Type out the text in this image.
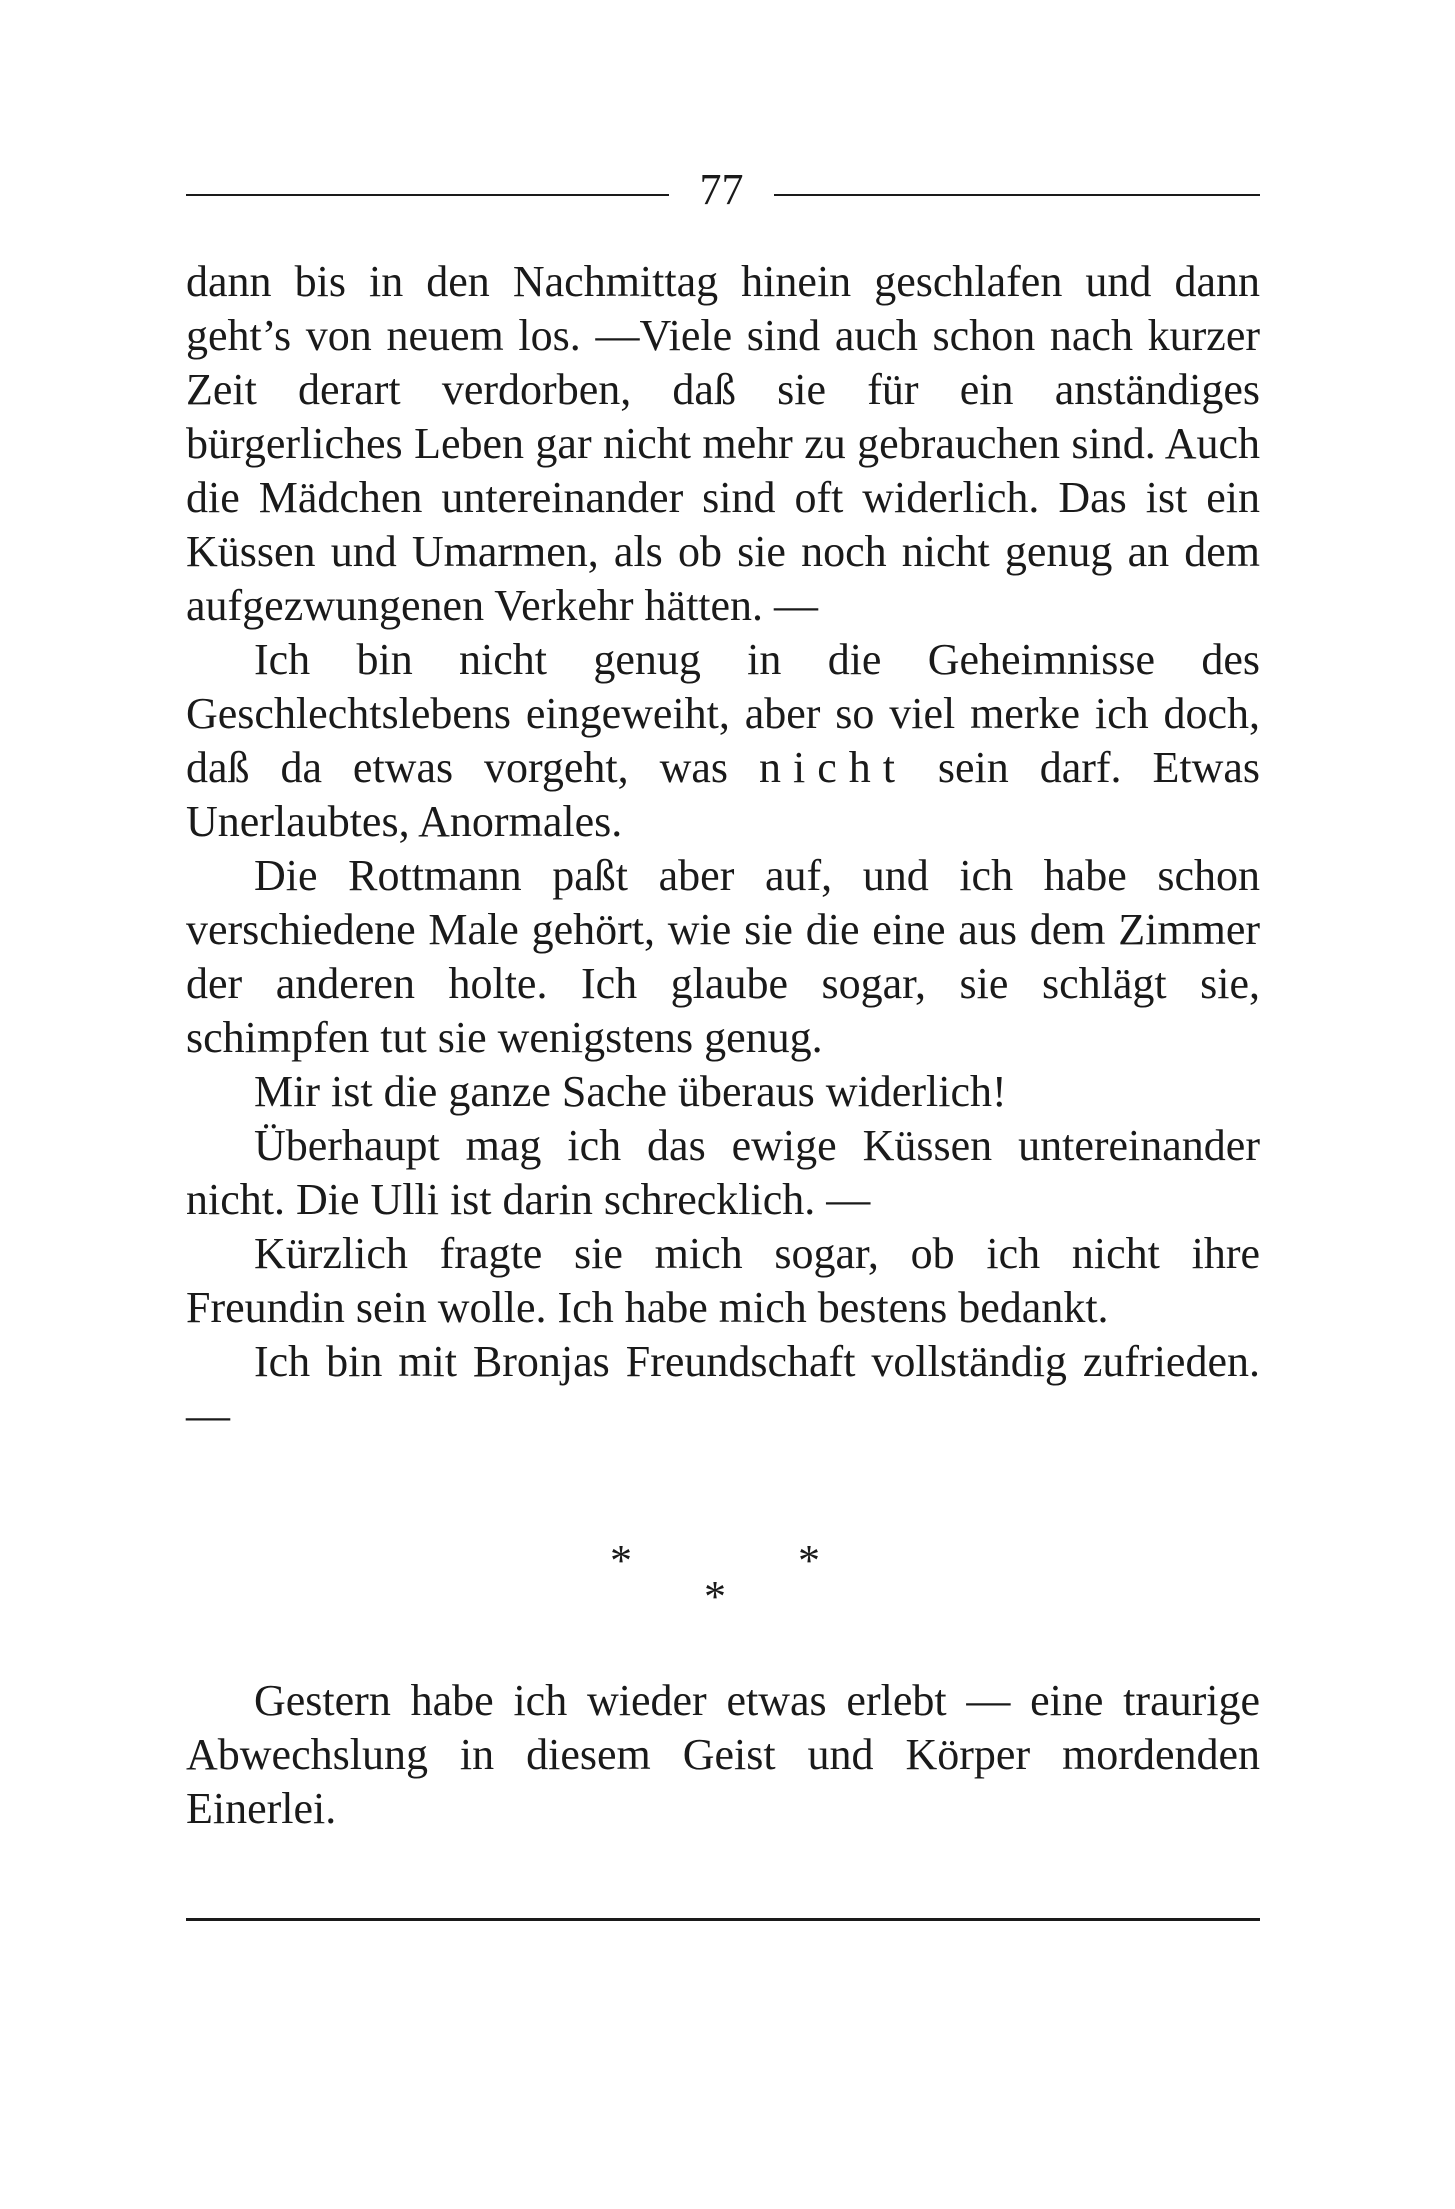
77

dann bis in den Nachmittag hinein geschlafen und dann geht’s von neuem los. —Viele sind auch schon nach kurzer Zeit derart verdorben, daß sie für ein anständiges bürgerliches Leben gar nicht mehr zu gebrauchen sind. Auch die Mädchen untereinander sind oft widerlich. Das ist ein Küssen und Umarmen, als ob sie noch nicht genug an dem aufgezwungenen Verkehr hätten. —

Ich bin nicht genug in die Geheimnisse des Geschlechtslebens eingeweiht, aber so viel merke ich doch, daß da etwas vorgeht, was nicht sein darf. Etwas Unerlaubtes, Anormales.

Die Rottmann paßt aber auf, und ich habe schon verschiedene Male gehört, wie sie die eine aus dem Zimmer der anderen holte. Ich glaube sogar, sie schlägt sie, schimpfen tut sie wenigstens genug.

Mir ist die ganze Sache überaus widerlich!

Überhaupt mag ich das ewige Küssen untereinander nicht. Die Ulli ist darin schrecklich. —

Kürzlich fragte sie mich sogar, ob ich nicht ihre Freundin sein wolle. Ich habe mich bestens bedankt.

Ich bin mit Bronjas Freundschaft vollständig zufrieden. —

*	*
*

Gestern habe ich wieder etwas erlebt — eine traurige Abwechslung in diesem Geist und Körper mordenden Einerlei.
